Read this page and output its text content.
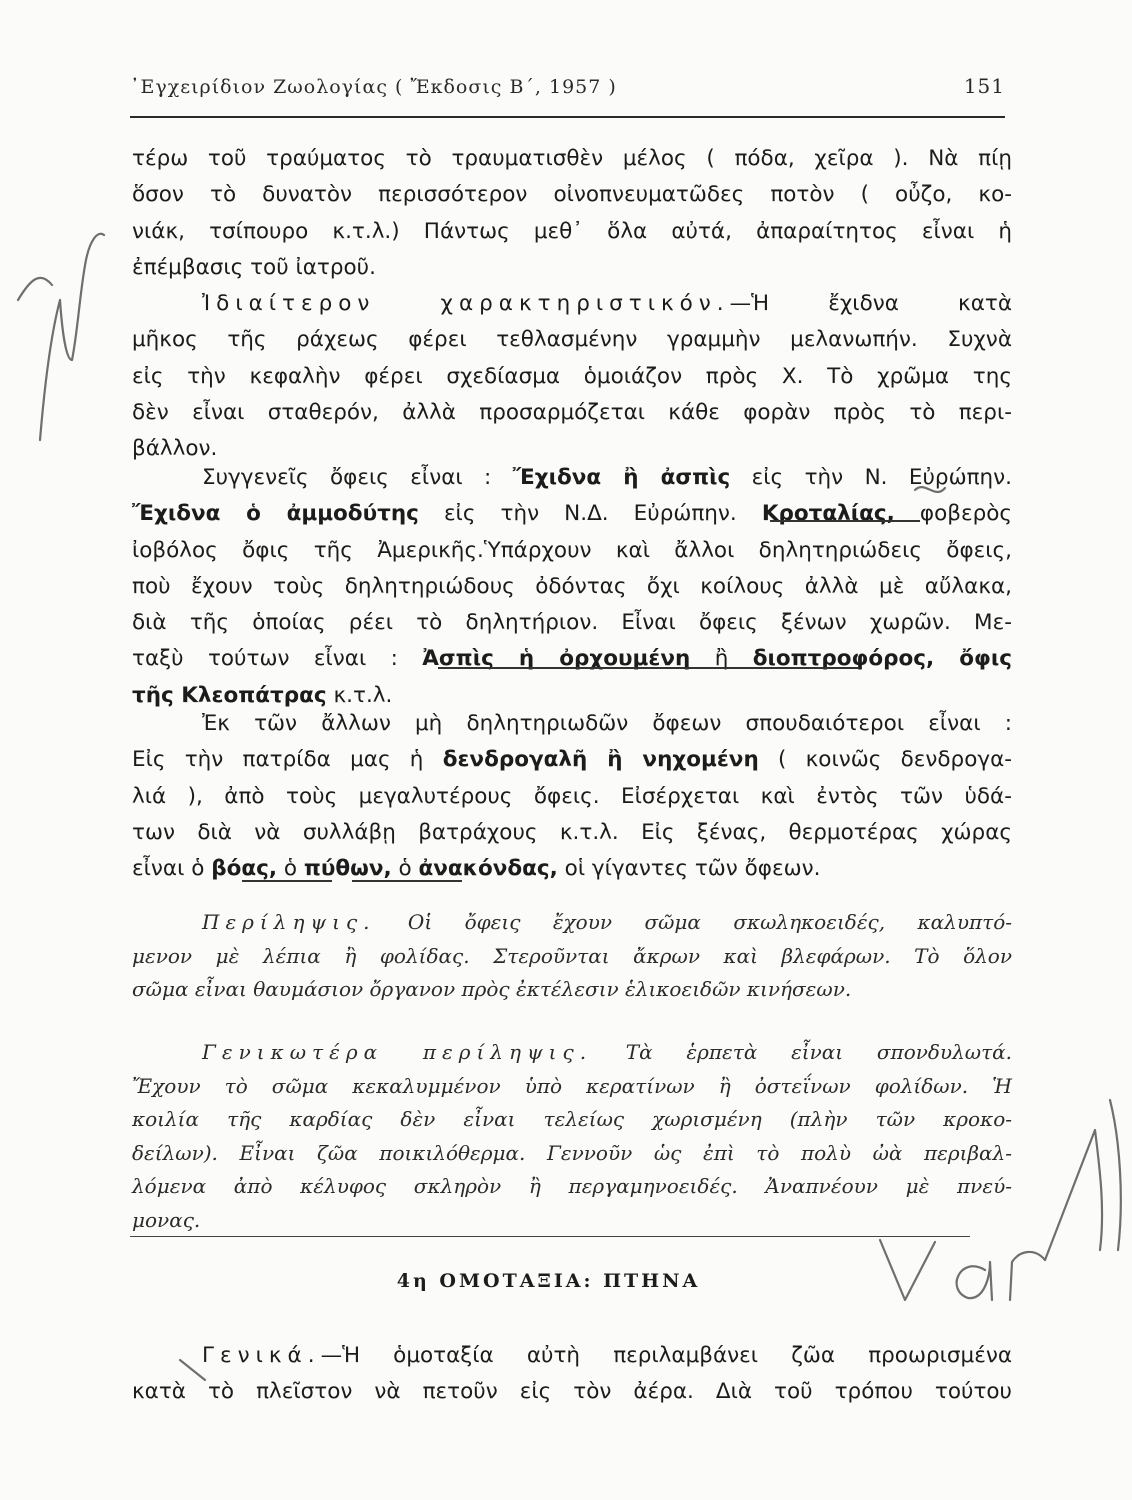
᾽Εγχειρίδιον Ζωολογίας ( Ἔκδοσις Β΄, 1957 )	151
τέρω τοῦ τραύματος τὸ τραυματισθὲν μέλος ( πόδα, χεῖρα ). Νὰ πίῃ
ὅσον τὸ δυνατὸν περισσότερον οἰνοπνευματῶδες ποτὸν ( οὖζο, κο-
νιάκ, τσίπουρο κ.τ.λ.) Πάντως μεθ᾽ ὅλα αὐτά, ἀπαραίτητος εἶναι ἡ
ἐπέμβασις τοῦ ἰατροῦ.
Ἰδιαίτερον χαρακτηριστικόν.—Ἡ ἔχιδνα κατὰ
μῆκος τῆς ράχεως φέρει τεθλασμένην γραμμὴν μελανωπήν. Συχνὰ
εἰς τὴν κεφαλὴν φέρει σχεδίασμα ὁμοιάζον πρὸς Χ. Τὸ χρῶμα της
δὲν εἶναι σταθερόν, ἀλλὰ προσαρμόζεται κάθε φορὰν πρὸς τὸ περι-
βάλλον.
Συγγενεῖς ὄφεις εἶναι : Ἔχιδνα ἢ ἀσπὶς εἰς τὴν Ν. Εὐρώπην.
Ἔχιδνα ὁ ἀμμοδύτης εἰς τὴν Ν.Δ. Εὐρώπην. Κροταλίας, φοβερὸς
ἰοβόλος ὄφις τῆς Ἀμερικῆς.Ὑπάρχουν καὶ ἄλλοι δηλητηριώδεις ὄφεις,
ποὺ ἔχουν τοὺς δηλητηριώδους ὀδόντας ὄχι κοίλους ἀλλὰ μὲ αὔλακα,
διὰ τῆς ὁποίας ρέει τὸ δηλητήριον. Εἶναι ὄφεις ξένων χωρῶν. Με-
ταξὺ τούτων εἶναι : Ἀσπὶς ἡ ὀρχουμένη ἢ διοπτροφόρος, ὄφις
τῆς Κλεοπάτρας κ.τ.λ.
Ἐκ τῶν ἄλλων μὴ δηλητηριωδῶν ὄφεων σπουδαιότεροι εἶναι :
Εἰς τὴν πατρίδα μας ἡ δενδρογαλῆ ἢ νηχομένη ( κοινῶς δενδρογα-
λιά ), ἀπὸ τοὺς μεγαλυτέρους ὄφεις. Εἰσέρχεται καὶ ἐντὸς τῶν ὑδά-
των διὰ νὰ συλλάβῃ βατράχους κ.τ.λ. Εἰς ξένας, θερμοτέρας χώρας
εἶναι ὁ βόας, ὁ πύθων, ὁ ἀνακόνδας, οἱ γίγαντες τῶν ὄφεων.
Περίληψις. Οἱ ὄφεις ἔχουν σῶμα σκωληκοειδές, καλυπτό-
μενον μὲ λέπια ἢ φολίδας. Στεροῦνται ἄκρων καὶ βλεφάρων. Τὸ ὅλον
σῶμα εἶναι θαυμάσιον ὄργανον πρὸς ἐκτέλεσιν ἑλικοειδῶν κινήσεων.
Γενικωτέρα περίληψις. Τὰ ἑρπετὰ εἶναι σπονδυλωτά.
Ἔχουν τὸ σῶμα κεκαλυμμένον ὑπὸ κερατίνων ἢ ὀστεΐνων φολίδων. Ἡ
κοιλία τῆς καρδίας δὲν εἶναι τελείως χωρισμένη (πλὴν τῶν κροκο-
δείλων). Εἶναι ζῶα ποικιλόθερμα. Γεννοῦν ὡς ἐπὶ τὸ πολὺ ὠὰ περιβαλ-
λόμενα ἀπὸ κέλυφος σκληρὸν ἢ περγαμηνοειδές. Ἀναπνέουν μὲ πνεύ-
μονας.
4η ΟΜΟΤΑΞΙΑ: ΠΤΗΝΑ
Γενικά.—Ἡ ὁμοταξία αὐτὴ περιλαμβάνει ζῶα προωρισμένα
κατὰ τὸ πλεῖστον νὰ πετοῦν εἰς τὸν ἀέρα. Διὰ τοῦ τρόπου τούτου
